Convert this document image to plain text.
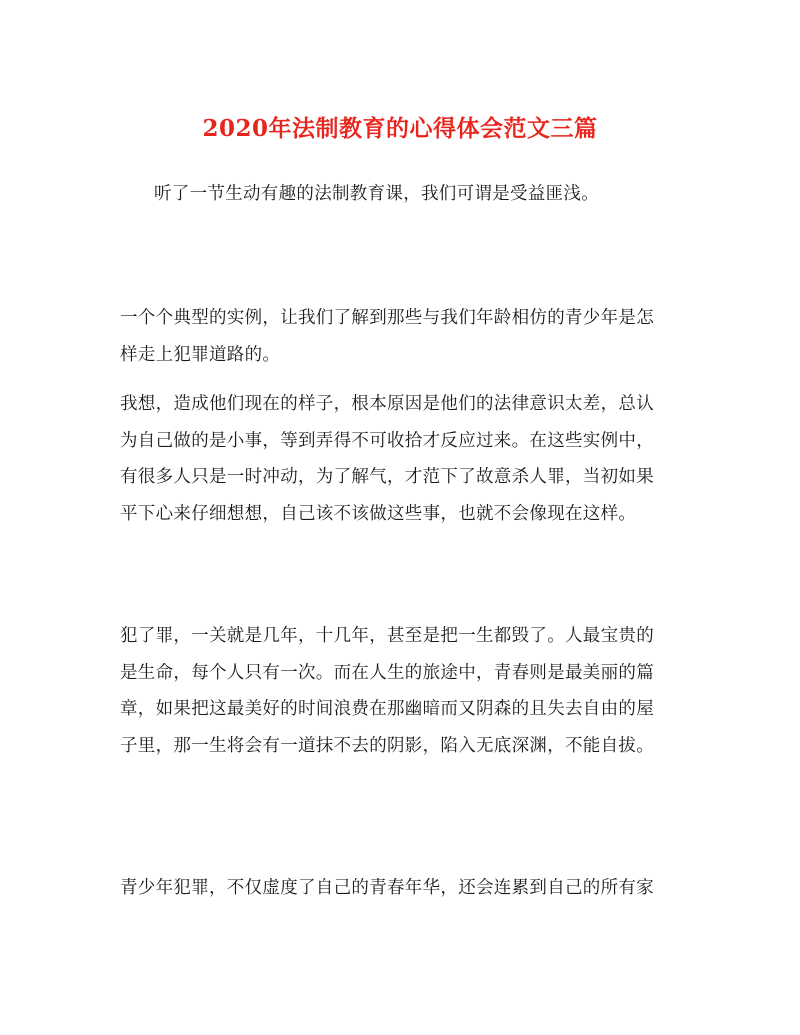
2020年法制教育的心得体会范文三篇
听了一节生动有趣的法制教育课，我们可谓是受益匪浅。
一个个典型的实例，让我们了解到那些与我们年龄相仿的青少年是怎
样走上犯罪道路的。
我想，造成他们现在的样子，根本原因是他们的法律意识太差，总认
为自己做的是小事，等到弄得不可收拾才反应过来。在这些实例中，
有很多人只是一时冲动，为了解气，才范下了故意杀人罪，当初如果
平下心来仔细想想，自己该不该做这些事，也就不会像现在这样。
犯了罪，一关就是几年，十几年，甚至是把一生都毁了。人最宝贵的
是生命，每个人只有一次。而在人生的旅途中，青春则是最美丽的篇
章，如果把这最美好的时间浪费在那幽暗而又阴森的且失去自由的屋
子里，那一生将会有一道抹不去的阴影，陷入无底深渊，不能自拔。
青少年犯罪，不仅虚度了自己的青春年华，还会连累到自己的所有家
